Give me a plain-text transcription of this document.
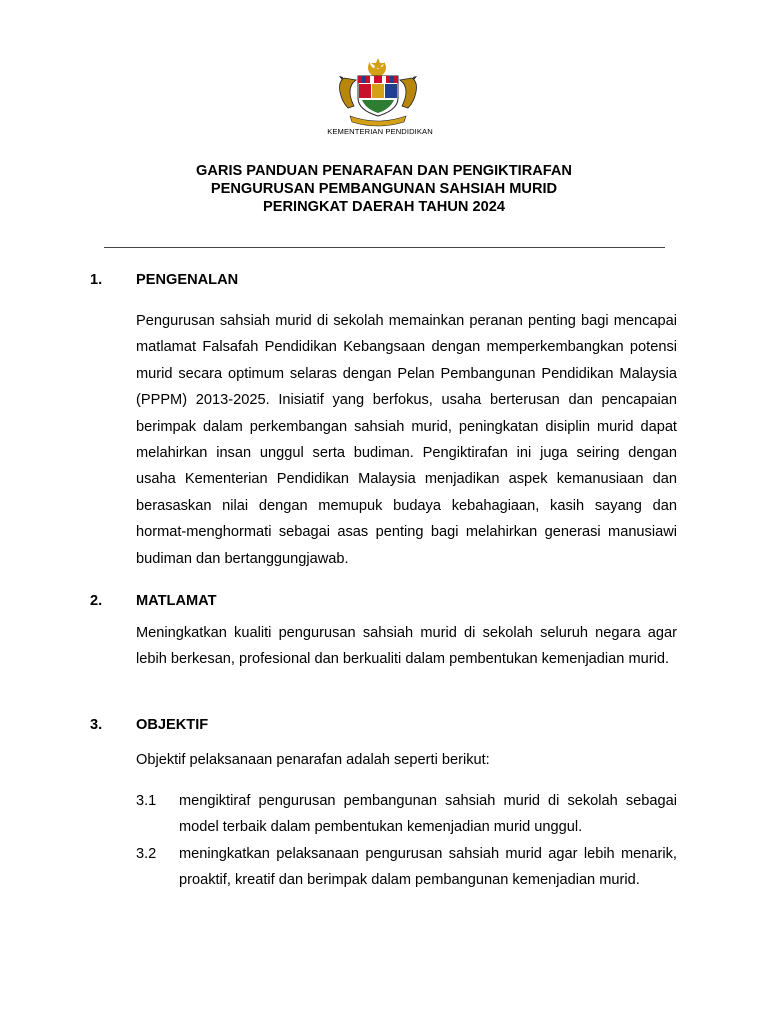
KEMENTERIAN PENDIDIKAN
GARIS PANDUAN PENARAFAN DAN PENGIKTIRAFAN
PENGURUSAN PEMBANGUNAN SAHSIAH MURID
PERINGKAT DAERAH TAHUN 2024
1. PENGENALAN
Pengurusan sahsiah murid di sekolah memainkan peranan penting bagi mencapai matlamat Falsafah Pendidikan Kebangsaan dengan memperkembangkan potensi murid secara optimum selaras dengan Pelan Pembangunan Pendidikan Malaysia (PPPM) 2013-2025. Inisiatif yang berfokus, usaha berterusan dan pencapaian berimpak dalam perkembangan sahsiah murid, peningkatan disiplin murid dapat melahirkan insan unggul serta budiman. Pengiktirafan ini juga seiring dengan usaha Kementerian Pendidikan Malaysia menjadikan aspek kemanusiaan dan berasaskan nilai dengan memupuk budaya kebahagiaan, kasih sayang dan hormat-menghormati sebagai asas penting bagi melahirkan generasi manusiawi budiman dan bertanggungjawab.
2. MATLAMAT
Meningkatkan kualiti pengurusan sahsiah murid di sekolah seluruh negara agar lebih berkesan, profesional dan berkualiti dalam pembentukan kemenjadian murid.
3. OBJEKTIF
Objektif pelaksanaan penarafan adalah seperti berikut:
3.1 mengiktiraf pengurusan pembangunan sahsiah murid di sekolah sebagai model terbaik dalam pembentukan kemenjadian murid unggul.
3.2 meningkatkan pelaksanaan pengurusan sahsiah murid agar lebih menarik, proaktif, kreatif dan berimpak dalam pembangunan kemenjadian murid.
